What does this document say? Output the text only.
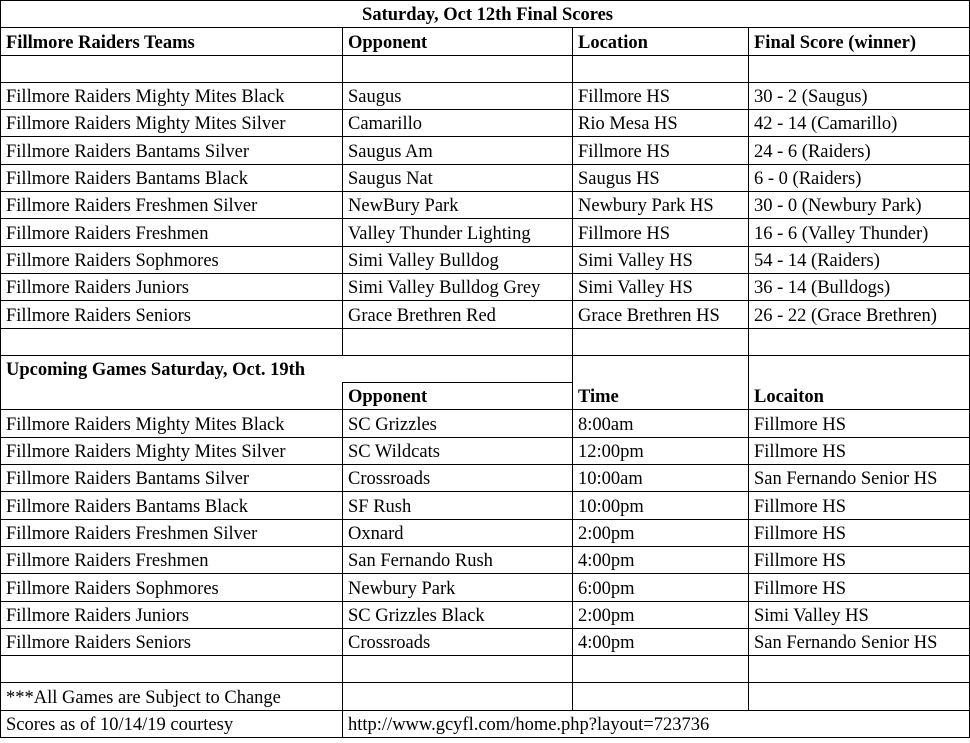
Saturday, Oct 12th Final Scores			
Fillmore Raiders Teams	Opponent	Location	Final Score (winner)

Fillmore Raiders Mighty Mites Black	Saugus	Fillmore HS	30 - 2 (Saugus)
Fillmore Raiders Mighty Mites Silver	Camarillo	Rio Mesa HS	42 - 14 (Camarillo)
Fillmore Raiders Bantams Silver	Saugus Am	Fillmore HS	24 - 6 (Raiders)
Fillmore Raiders Bantams Black	Saugus Nat	Saugus HS	6 - 0 (Raiders)
Fillmore Raiders Freshmen Silver	NewBury Park	Newbury Park HS	30 - 0 (Newbury Park)
Fillmore Raiders Freshmen	Valley Thunder Lighting	Fillmore HS	16 - 6 (Valley Thunder)
Fillmore Raiders Sophmores	Simi Valley Bulldog	Simi Valley HS	54 - 14 (Raiders)
Fillmore Raiders Juniors	Simi Valley Bulldog Grey	Simi Valley HS	36 - 14 (Bulldogs)
Fillmore Raiders Seniors	Grace Brethren Red	Grace Brethren HS	26 - 22 (Grace Brethren)

Upcoming Games Saturday, Oct. 19th			
	Opponent	Time	Locaiton
Fillmore Raiders Mighty Mites Black	SC Grizzles	8:00am	Fillmore HS
Fillmore Raiders Mighty Mites Silver	SC Wildcats	12:00pm	Fillmore HS
Fillmore Raiders Bantams Silver	Crossroads	10:00am	San Fernando Senior HS
Fillmore Raiders Bantams Black	SF Rush	10:00pm	Fillmore HS
Fillmore Raiders Freshmen Silver	Oxnard	2:00pm	Fillmore HS
Fillmore Raiders Freshmen	San Fernando Rush	4:00pm	Fillmore HS
Fillmore Raiders Sophmores	Newbury Park	6:00pm	Fillmore HS
Fillmore Raiders Juniors	SC Grizzles Black	2:00pm	Simi Valley HS
Fillmore Raiders Seniors	Crossroads	4:00pm	San Fernando Senior HS

***All Games are Subject to Change			
Scores as of 10/14/19 courtesy	http://www.gcyfl.com/home.php?layout=723736		
